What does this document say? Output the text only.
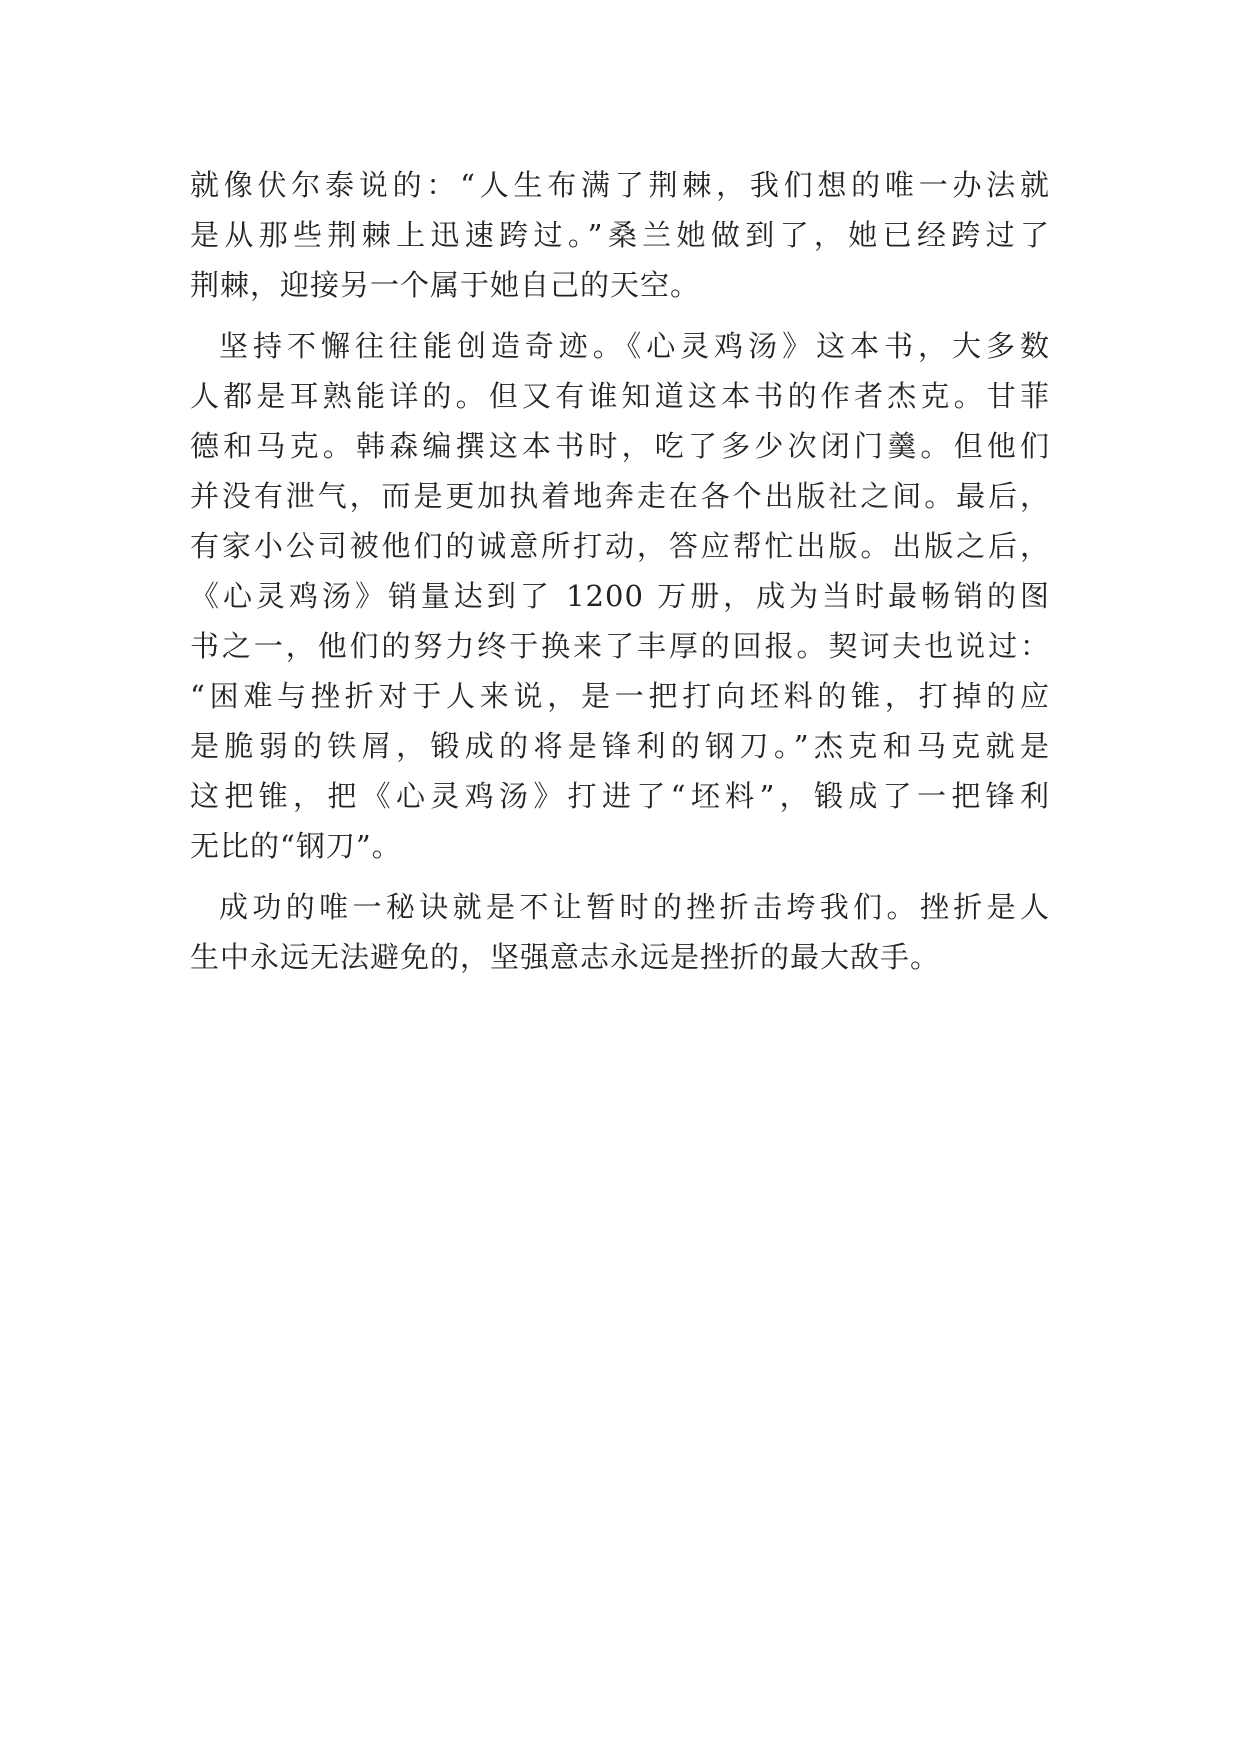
就像伏尔泰说的：“人生布满了荆棘，我们想的唯一办法就
是从那些荆棘上迅速跨过。”桑兰她做到了，她已经跨过了
荆棘，迎接另一个属于她自己的天空。
坚持不懈往往能创造奇迹。《心灵鸡汤》这本书，大多数
人都是耳熟能详的。但又有谁知道这本书的作者杰克。甘菲
德和马克。韩森编撰这本书时，吃了多少次闭门羹。但他们
并没有泄气，而是更加执着地奔走在各个出版社之间。最后，
有家小公司被他们的诚意所打动，答应帮忙出版。出版之后，
《心灵鸡汤》销量达到了 1200 万册，成为当时最畅销的图
书之一，他们的努力终于换来了丰厚的回报。契诃夫也说过：
“困难与挫折对于人来说，是一把打向坯料的锥，打掉的应
是脆弱的铁屑，锻成的将是锋利的钢刀。”杰克和马克就是
这把锥，把《心灵鸡汤》打进了“坯料”，锻成了一把锋利
无比的“钢刀”。
成功的唯一秘诀就是不让暂时的挫折击垮我们。挫折是人
生中永远无法避免的，坚强意志永远是挫折的最大敌手。
